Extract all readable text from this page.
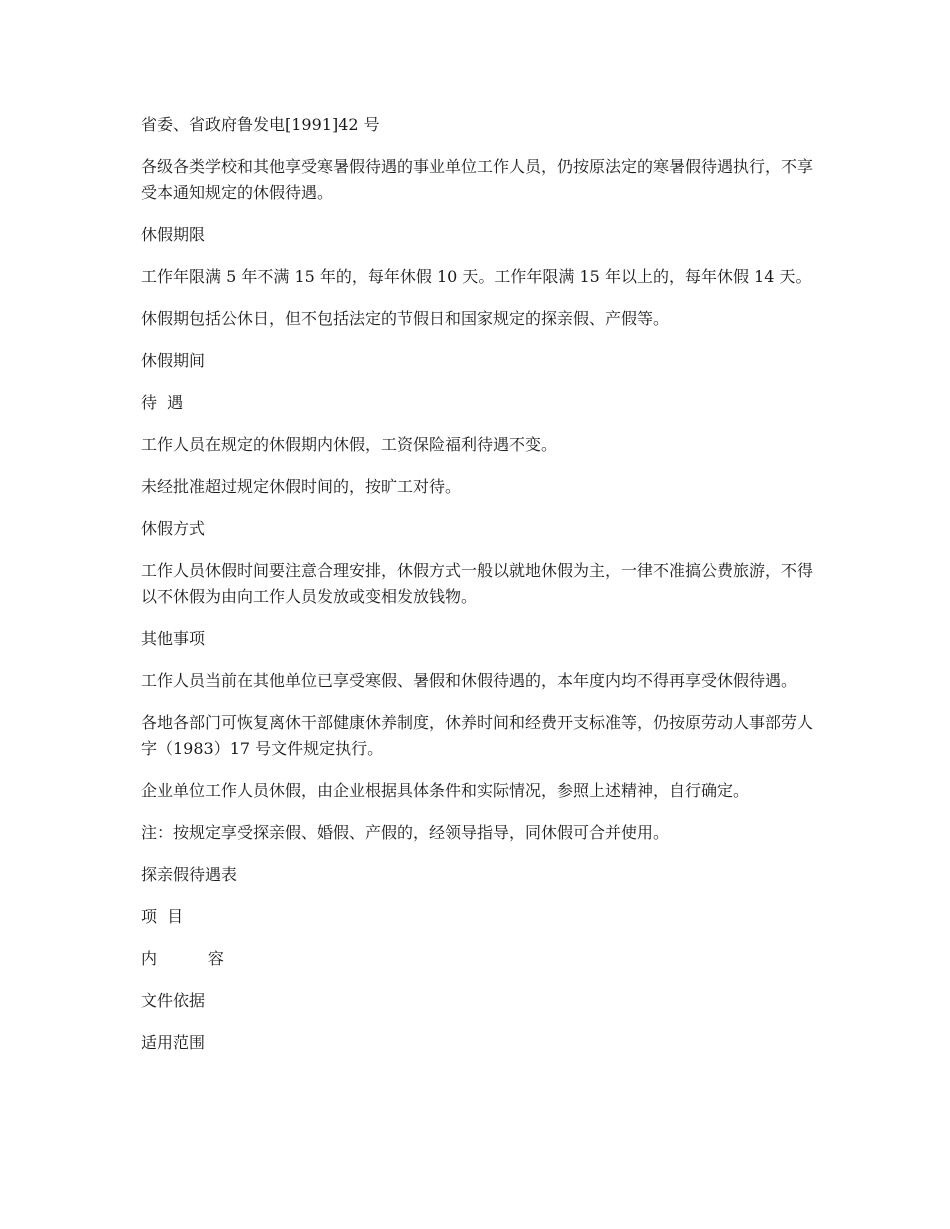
省委、省政府鲁发电[1991]42 号

各级各类学校和其他享受寒暑假待遇的事业单位工作人员，仍按原法定的寒暑假待遇执行，不享受本通知规定的休假待遇。

休假期限

工作年限满 5 年不满 15 年的，每年休假 10 天。工作年限满 15 年以上的，每年休假 14 天。

休假期包括公休日，但不包括法定的节假日和国家规定的探亲假、产假等。

休假期间

待  遇

工作人员在规定的休假期内休假，工资保险福利待遇不变。

未经批准超过规定休假时间的，按旷工对待。

休假方式

工作人员休假时间要注意合理安排，休假方式一般以就地休假为主，一律不准搞公费旅游，不得以不休假为由向工作人员发放或变相发放钱物。

其他事项

工作人员当前在其他单位已享受寒假、暑假和休假待遇的，本年度内均不得再享受休假待遇。

各地各部门可恢复离休干部健康休养制度，休养时间和经费开支标准等，仍按原劳动人事部劳人字（1983）17 号文件规定执行。

企业单位工作人员休假，由企业根据具体条件和实际情况，参照上述精神，自行确定。

注：按规定享受探亲假、婚假、产假的，经领导指导，同休假可合并使用。

探亲假待遇表

项  目

内          容

文件依据

适用范围
